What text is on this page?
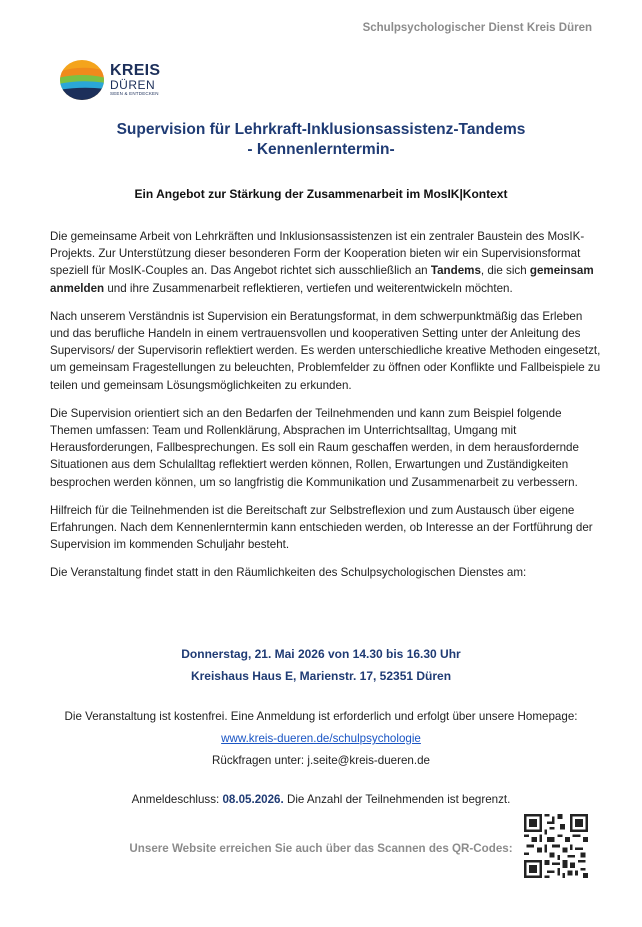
Schulpsychologischer Dienst Kreis Düren
KREIS
DÜREN
SEEN & ENTDECKEN
Supervision für Lehrkraft-Inklusionsassistenz-Tandems
- Kennenlerntermin-
Ein Angebot zur Stärkung der Zusammenarbeit im MosIK|Kontext

Die gemeinsame Arbeit von Lehrkräften und Inklusionsassistenzen ist ein zentraler Baustein des MosIK-Projekts. Zur Unterstützung dieser besonderen Form der Kooperation bieten wir ein Supervisionsformat speziell für MosIK-Couples an. Das Angebot richtet sich ausschließlich an Tandems, die sich gemeinsam anmelden und ihre Zusammenarbeit reflektieren, vertiefen und weiterentwickeln möchten.

Nach unserem Verständnis ist Supervision ein Beratungsformat, in dem schwerpunktmäßig das Erleben und das berufliche Handeln in einem vertrauensvollen und kooperativen Setting unter der Anleitung des Supervisors/ der Supervisorin reflektiert werden. Es werden unterschiedliche kreative Methoden eingesetzt, um gemeinsam Fragestellungen zu beleuchten, Problemfelder zu öffnen oder Konflikte und Fallbeispiele zu teilen und gemeinsam Lösungsmöglichkeiten zu erkunden.

Die Supervision orientiert sich an den Bedarfen der Teilnehmenden und kann zum Beispiel folgende Themen umfassen: Team und Rollenklärung, Absprachen im Unterrichtsalltag, Umgang mit Herausforderungen, Fallbesprechungen. Es soll ein Raum geschaffen werden, in dem herausfordernde Situationen aus dem Schulalltag reflektiert werden können, Rollen, Erwartungen und Zuständigkeiten besprochen werden können, um so langfristig die Kommunikation und Zusammenarbeit zu verbessern.

Hilfreich für die Teilnehmenden ist die Bereitschaft zur Selbstreflexion und zum Austausch über eigene Erfahrungen. Nach dem Kennenlerntermin kann entschieden werden, ob Interesse an der Fortführung der Supervision im kommenden Schuljahr besteht.

Die Veranstaltung findet statt in den Räumlichkeiten des Schulpsychologischen Dienstes am:

Donnerstag, 21. Mai 2026 von 14.30 bis 16.30 Uhr
Kreishaus Haus E, Marienstr. 17, 52351 Düren
Die Veranstaltung ist kostenfrei. Eine Anmeldung ist erforderlich und erfolgt über unsere Homepage:
www.kreis-dueren.de/schulpsychologie
Rückfragen unter: j.seite@kreis-dueren.de
Anmeldeschluss: 08.05.2026. Die Anzahl der Teilnehmenden ist begrenzt.
Unsere Website erreichen Sie auch über das Scannen des QR-Codes:
